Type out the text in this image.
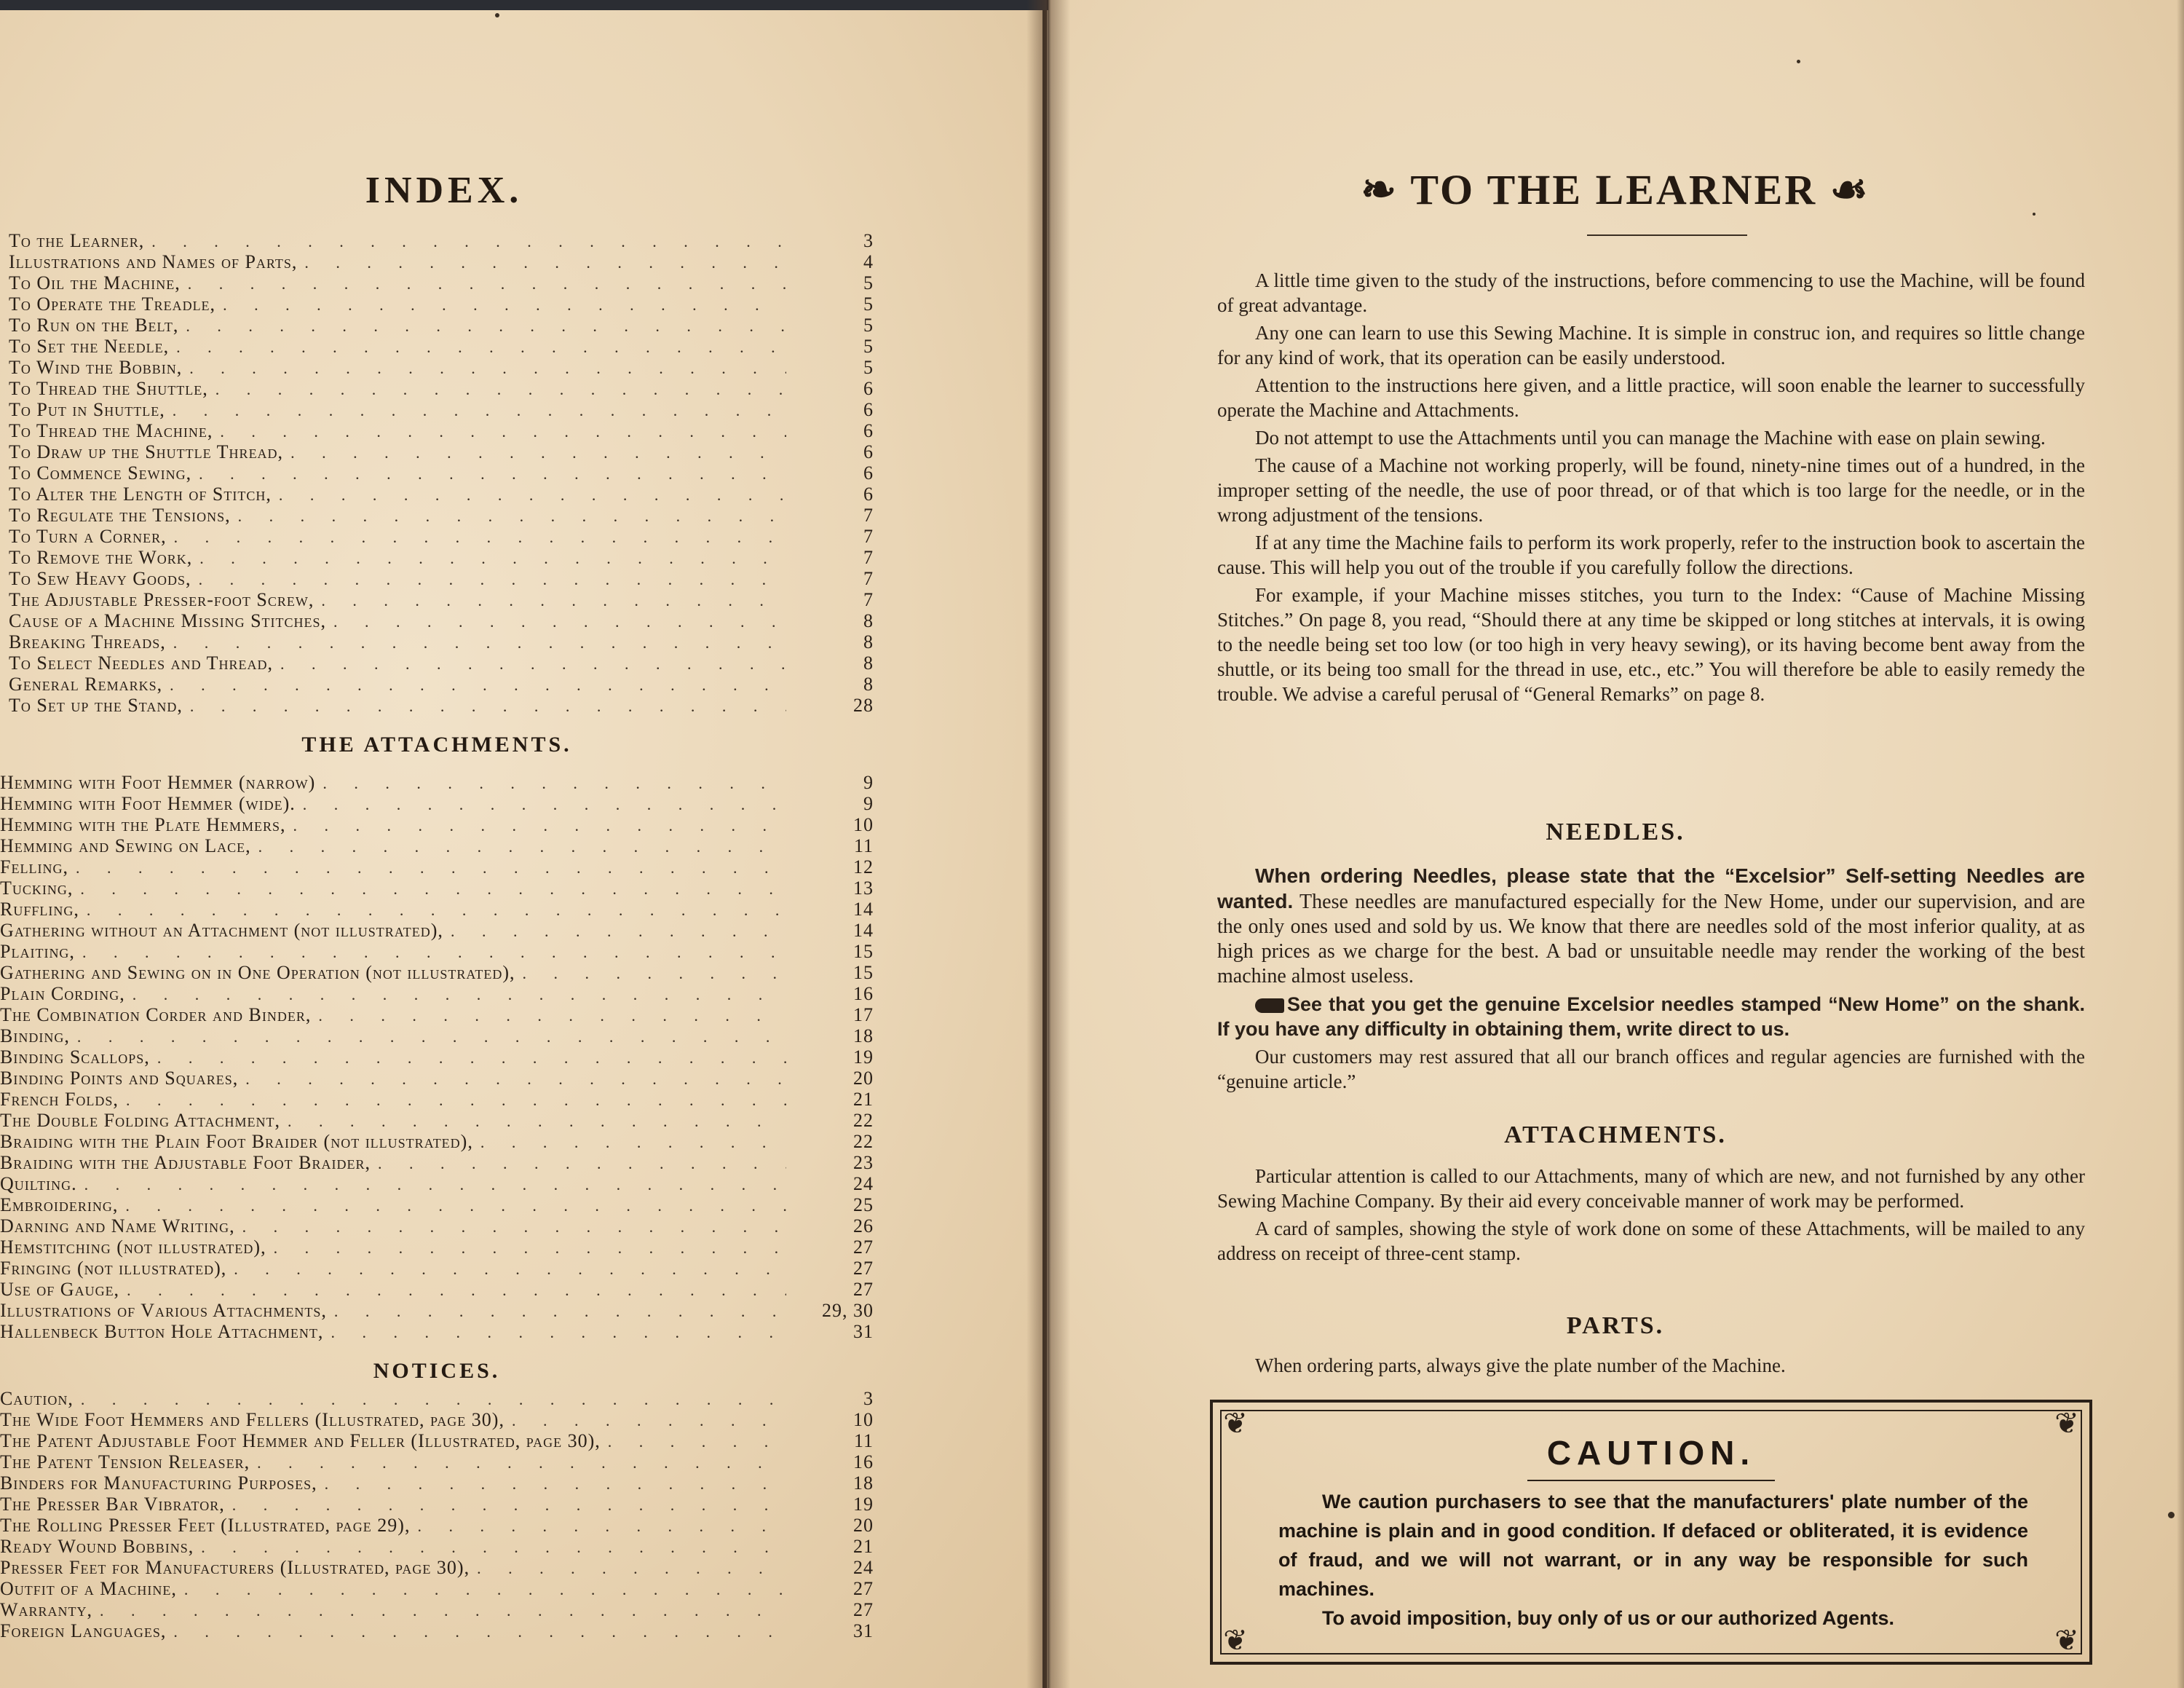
INDEX.
To the Learner, . . .	3
Illustrations and Names of Parts, . . .	4
To Oil the Machine, . . .	5
To Operate the Treadle, . . .	5
To Run on the Belt, . . .	5
To Set the Needle, . . .	5
To Wind the Bobbin, . . .	5
To Thread the Shuttle, . . .	6
To Put in Shuttle, . . .	6
To Thread the Machine, . . .	6
To Draw up the Shuttle Thread, . . .	6
To Commence Sewing, . . .	6
To Alter the Length of Stitch, . . .	6
To Regulate the Tensions, . . .	7
To Turn a Corner, . . .	7
To Remove the Work, . . .	7
To Sew Heavy Goods, . . .	7
The Adjustable Presser-foot Screw, . . .	7
Cause of a Machine Missing Stitches, . . .	8
Breaking Threads, . . .	8
To Select Needles and Thread, . . .	8
General Remarks, . . .	8
To Set up the Stand, . . .	28
THE ATTACHMENTS.
Hemming with Foot Hemmer (narrow) . . .	9
Hemming with Foot Hemmer (wide). . . .	9
Hemming with the Plate Hemmers, . . .	10
Hemming and Sewing on Lace, . . .	11
Felling, . . .	12
Tucking, . . .	13
Ruffling, . . .	14
Gathering without an Attachment (not illustrated), . . .	14
Plaiting, . . .	15
Gathering and Sewing on in One Operation (not illustrated), . . .	15
Plain Cording, . . .	16
The Combination Corder and Binder, . . .	17
Binding, . . .	18
Binding Scallops, . . .	19
Binding Points and Squares, . . .	20
French Folds, . . .	21
The Double Folding Attachment, . . .	22
Braiding with the Plain Foot Braider (not illustrated), . . .	22
Braiding with the Adjustable Foot Braider, . . .	23
Quilting. . . .	24
Embroidering, . . .	25
Darning and Name Writing, . . .	26
Hemstitching (not illustrated), . . .	27
Fringing (not illustrated), . . .	27
Use of Gauge, . . .	27
Illustrations of Various Attachments, . . .	29, 30
Hallenbeck Button Hole Attachment, . . .	31
NOTICES.
Caution, . . .	3
The Wide Foot Hemmers and Fellers (Illustrated, page 30), . . .	10
The Patent Adjustable Foot Hemmer and Feller (Illustrated, page 30), . . .	11
The Patent Tension Releaser, . . .	16
Binders for Manufacturing Purposes, . . .	18
The Presser Bar Vibrator, . . .	19
The Rolling Presser Feet (Illustrated, page 29), . . .	20
Ready Wound Bobbins, . . .	21
Presser Feet for Manufacturers (Illustrated, page 30), . . .	24
Outfit of a Machine, . . .	27
Warranty, . . .	27
Foreign Languages, . . .	31
❧ TO THE LEARNER ☙

A little time given to the study of the instructions, before commencing to use the Machine, will be found of great advantage.

Any one can learn to use this Sewing Machine. It is simple in construc ion, and requires so little change for any kind of work, that its operation can be easily understood.

Attention to the instructions here given, and a little practice, will soon enable the learner to successfully operate the Machine and Attachments.

Do not attempt to use the Attachments until you can manage the Machine with ease on plain sewing.

The cause of a Machine not working properly, will be found, ninety-nine times out of a hundred, in the improper setting of the needle, the use of poor thread, or of that which is too large for the needle, or in the wrong adjustment of the tensions.

If at any time the Machine fails to perform its work properly, refer to the instruction book to ascertain the cause. This will help you out of the trouble if you carefully follow the directions.

For example, if your Machine misses stitches, you turn to the Index: “Cause of Machine Missing Stitches.” On page 8, you read, “Should there at any time be skipped or long stitches at intervals, it is owing to the needle being set too low (or too high in very heavy sewing), or its having become bent away from the shuttle, or its being too small for the thread in use, etc., etc.” You will therefore be able to easily remedy the trouble. We advise a careful perusal of “General Remarks” on page 8.

NEEDLES.

When ordering Needles, please state that the “Excelsior” Self-setting Needles are wanted. These needles are manufactured especially for the New Home, under our supervision, and are the only ones used and sold by us. We know that there are needles sold of the most inferior quality, at as high prices as we charge for the best. A bad or unsuitable needle may render the working of the best machine almost useless.

See that you get the genuine Excelsior needles stamped “New Home” on the shank. If you have any difficulty in obtaining them, write direct to us.

Our customers may rest assured that all our branch offices and regular agencies are furnished with the “genuine article.”

ATTACHMENTS.

Particular attention is called to our Attachments, many of which are new, and not furnished by any other Sewing Machine Company. By their aid every conceivable manner of work may be performed.

A card of samples, showing the style of work done on some of these Attachments, will be mailed to any address on receipt of three-cent stamp.

PARTS.

When ordering parts, always give the plate number of the Machine.

❦	❦
❦	❦
CAUTION.

We caution purchasers to see that the manufacturers' plate number of the machine is plain and in good condition. If defaced or obliterated, it is evidence of fraud, and we will not warrant, or in any way be responsible for such machines.

To avoid imposition, buy only of us or our authorized Agents.
